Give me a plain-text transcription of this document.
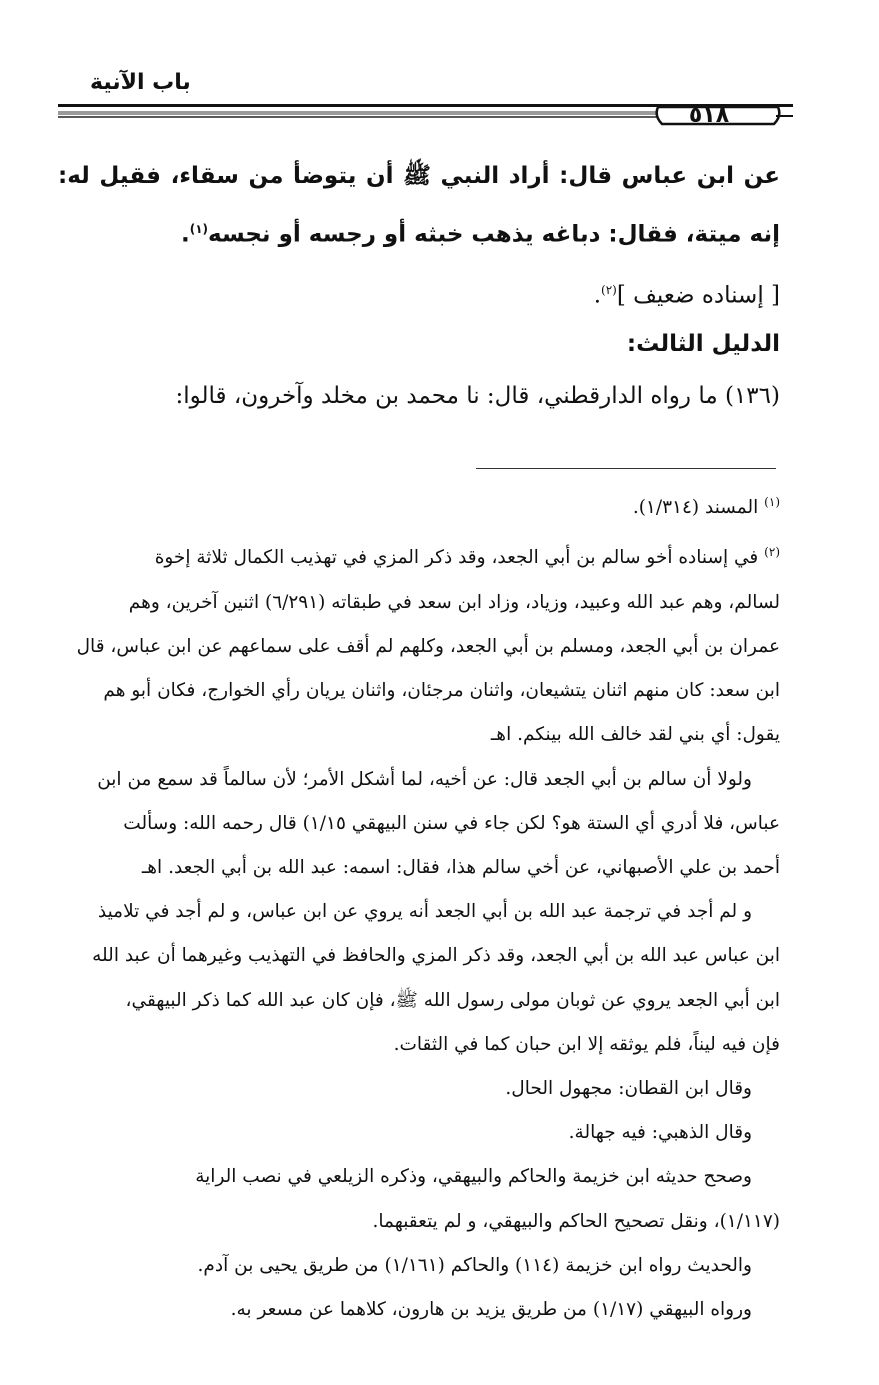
باب الآنية
٥١٨

عن ابن عباس قال: أراد النبي ﷺ أن يتوضأ من سقاء، فقيل له: إنه ميتة، فقال: دباغه يذهب خبثه أو رجسه أو نجسه$^{(١)}$.

[ إسناده ضعيف ]$^{(٢)}$.

الدليل الثالث:

(١٣٦) ما رواه الدارقطني، قال: نا محمد بن مخلد وآخرون، قالوا:

$^{(١)}$ المسند (١/٣١٤).

$^{(٢)}$ في إسناده أخو سالم بن أبي الجعد، وقد ذكر المزي في تهذيب الكمال ثلاثة إخوة

لسالم، وهم عبد الله وعبيد، وزياد، وزاد ابن سعد في طبقاته (٦/٢٩١) اثنين آخرين، وهم

عمران بن أبي الجعد، ومسلم بن أبي الجعد، وكلهم لم أقف على سماعهم عن ابن عباس، قال

ابن سعد: كان منهم اثنان يتشيعان، واثنان مرجئان، واثنان يريان رأي الخوارج، فكان أبو هم

يقول: أي بني لقد خالف الله بينكم. اهـ

ولولا أن سالم بن أبي الجعد قال: عن أخيه، لما أشكل الأمر؛ لأن سالماً قد سمع من ابن

عباس، فلا أدري أي الستة هو؟ لكن جاء في سنن البيهقي ١/١٥) قال رحمه الله: وسألت

أحمد بن علي الأصبهاني، عن أخي سالم هذا، فقال: اسمه: عبد الله بن أبي الجعد. اهـ

و لم أجد في ترجمة عبد الله بن أبي الجعد أنه يروي عن ابن عباس، و لم أجد في تلاميذ

ابن عباس عبد الله بن أبي الجعد، وقد ذكر المزي والحافظ في التهذيب وغيرهما أن عبد الله

ابن أبي الجعد يروي عن ثوبان مولى رسول الله ﷺ، فإن كان عبد الله كما ذكر البيهقي،

فإن فيه ليناً، فلم يوثقه إلا ابن حبان كما في الثقات.

وقال ابن القطان: مجهول الحال.

وقال الذهبي: فيه جهالة.

وصحح حديثه ابن خزيمة والحاكم والبيهقي، وذكره الزيلعي في نصب الراية

(١/١١٧)، ونقل تصحيح الحاكم والبيهقي، و لم يتعقبهما.

والحديث رواه ابن خزيمة (١١٤) والحاكم (١/١٦١) من طريق يحيى بن آدم.

ورواه البيهقي (١/١٧) من طريق يزيد بن هارون، كلاهما عن مسعر به.
